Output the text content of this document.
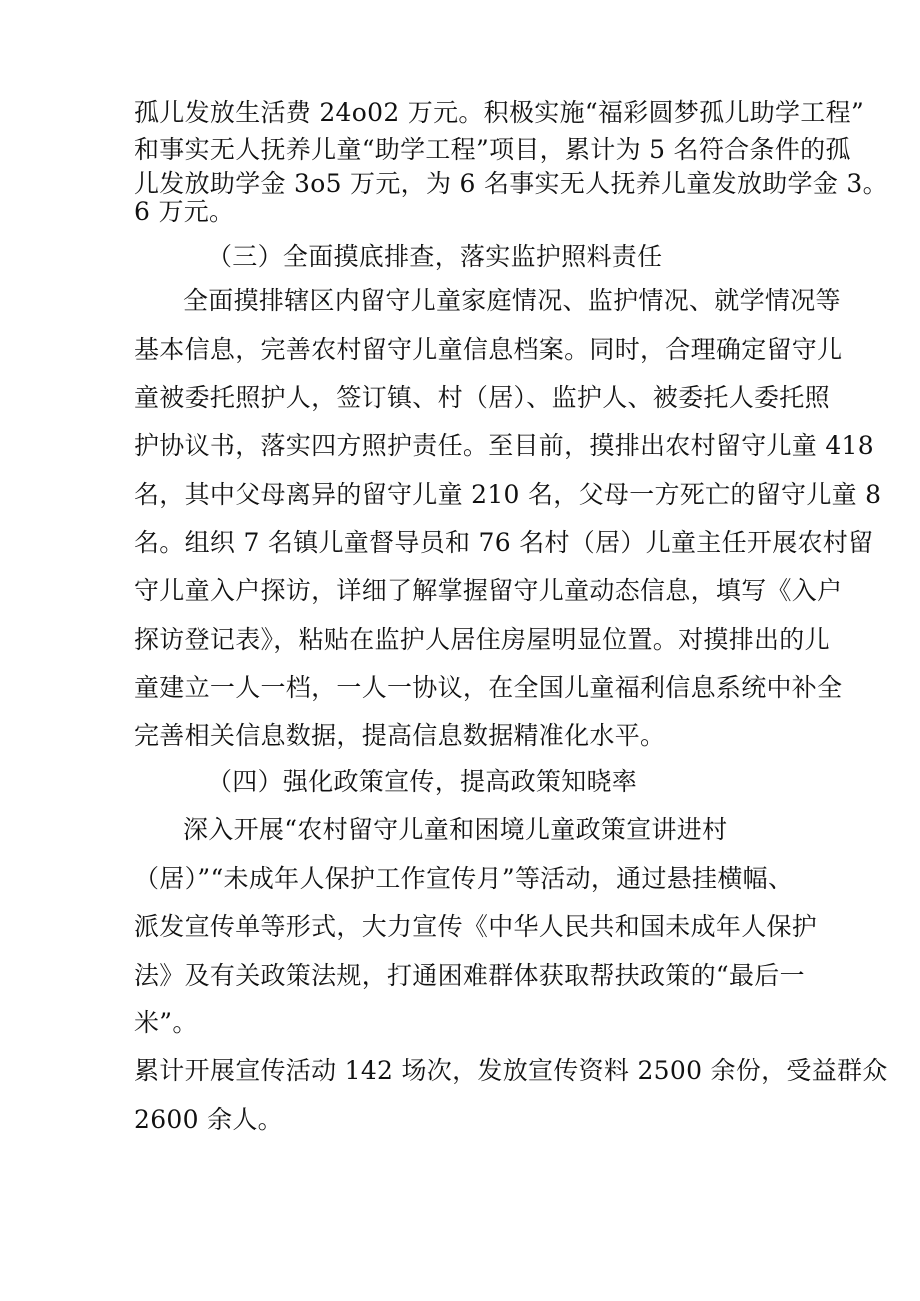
孤儿发放生活费 24o02 万元。积极实施“福彩圆梦孤儿助学工程”
和事实无人抚养儿童“助学工程”项目，累计为 5 名符合条件的孤
儿发放助学金 3o5 万元，为 6 名事实无人抚养儿童发放助学金 3。
6 万元。
（三）全面摸底排查，落实监护照料责任
全面摸排辖区内留守儿童家庭情况、监护情况、就学情况等
基本信息，完善农村留守儿童信息档案。同时，合理确定留守儿
童被委托照护人，签订镇、村（居）、监护人、被委托人委托照
护协议书，落实四方照护责任。至目前，摸排出农村留守儿童 418
名，其中父母离异的留守儿童 210 名，父母一方死亡的留守儿童 8
名。组织 7 名镇儿童督导员和 76 名村（居）儿童主任开展农村留
守儿童入户探访，详细了解掌握留守儿童动态信息，填写《入户
探访登记表》，粘贴在监护人居住房屋明显位置。对摸排出的儿
童建立一人一档，一人一协议，在全国儿童福利信息系统中补全
完善相关信息数据，提高信息数据精准化水平。
（四）强化政策宣传，提高政策知晓率
深入开展“农村留守儿童和困境儿童政策宣讲进村
（居）”“未成年人保护工作宣传月”等活动，通过悬挂横幅、
派发宣传单等形式，大力宣传《中华人民共和国未成年人保护
法》及有关政策法规，打通困难群体获取帮扶政策的“最后一
米”。
累计开展宣传活动 142 场次，发放宣传资料 2500 余份，受益群众
2600 余人。
